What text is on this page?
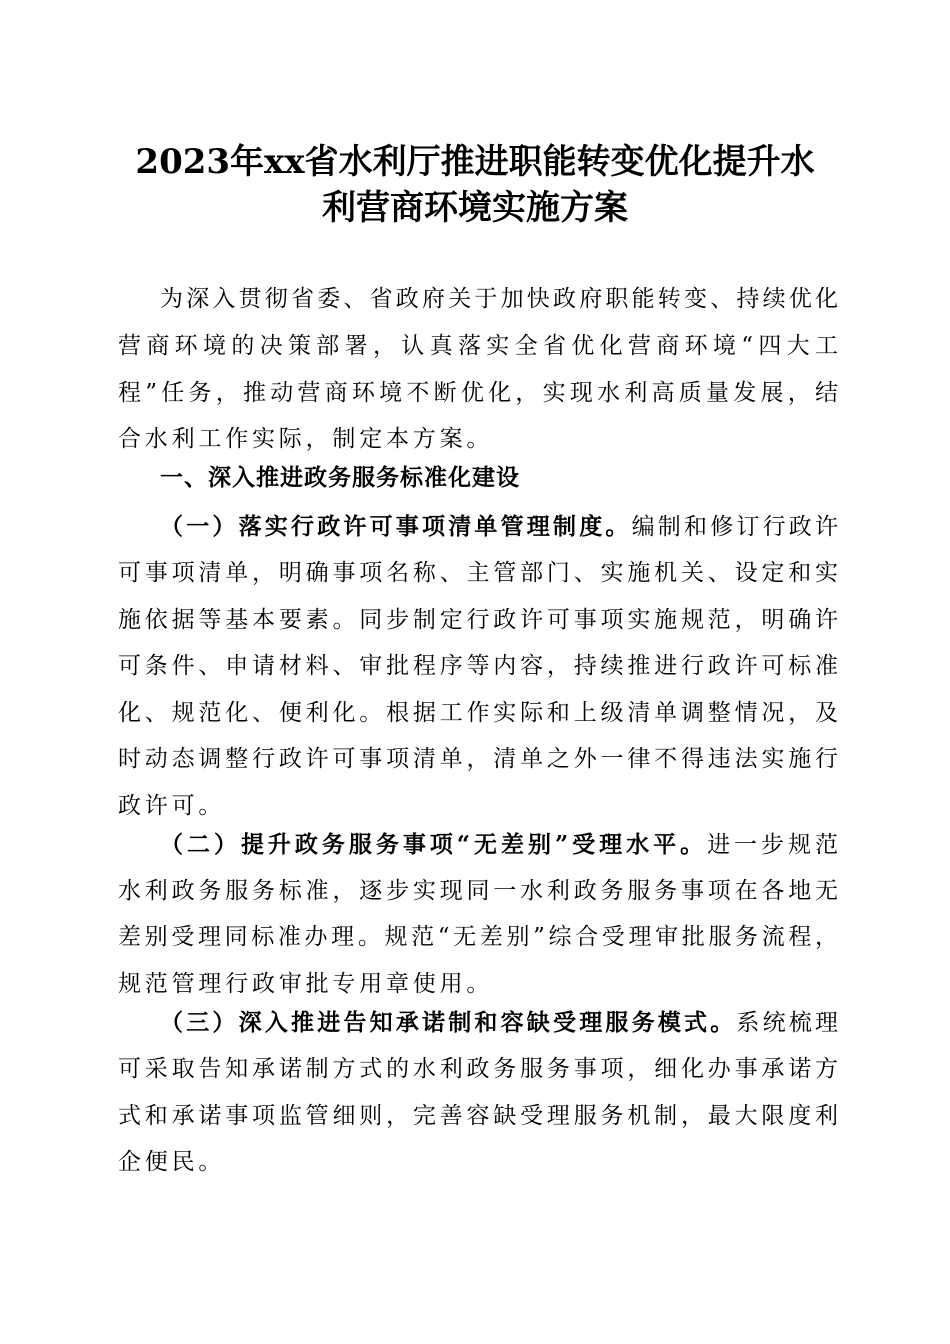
2023年xx省水利厅推进职能转变优化提升水
利营商环境实施方案
为深入贯彻省委、省政府关于加快政府职能转变、持续优化
营商环境的决策部署，认真落实全省优化营商环境“四大工
程”任务，推动营商环境不断优化，实现水利高质量发展，结
合水利工作实际，制定本方案。
一、深入推进政务服务标准化建设
（一）落实行政许可事项清单管理制度。编制和修订行政许
可事项清单，明确事项名称、主管部门、实施机关、设定和实
施依据等基本要素。同步制定行政许可事项实施规范，明确许
可条件、申请材料、审批程序等内容，持续推进行政许可标准
化、规范化、便利化。根据工作实际和上级清单调整情况，及
时动态调整行政许可事项清单，清单之外一律不得违法实施行
政许可。
（二）提升政务服务事项“无差别”受理水平。进一步规范
水利政务服务标准，逐步实现同一水利政务服务事项在各地无
差别受理同标准办理。规范“无差别”综合受理审批服务流程，
规范管理行政审批专用章使用。
（三）深入推进告知承诺制和容缺受理服务模式。系统梳理
可采取告知承诺制方式的水利政务服务事项，细化办事承诺方
式和承诺事项监管细则，完善容缺受理服务机制，最大限度利
企便民。
